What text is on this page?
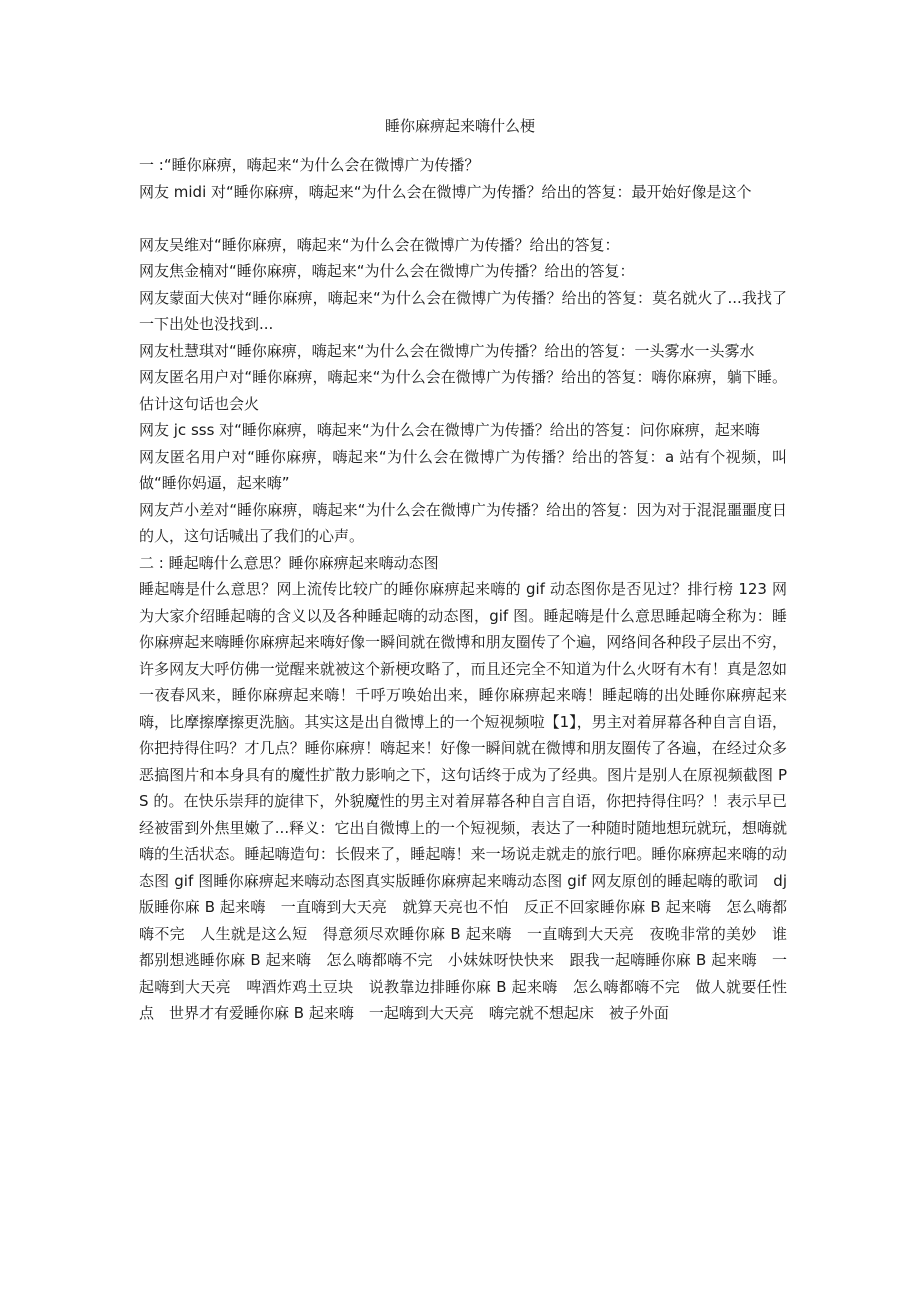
睡你麻痹起来嗨什么梗

一 :“睡你麻痹，嗨起来“为什么会在微博广为传播？

网友 midi 对“睡你麻痹，嗨起来“为什么会在微博广为传播？给出的答复：最开始好像是这个

网友吴维对“睡你麻痹，嗨起来“为什么会在微博广为传播？给出的答复：

网友焦金楠对“睡你麻痹，嗨起来“为什么会在微博广为传播？给出的答复：

网友蒙面大侠对“睡你麻痹，嗨起来“为什么会在微博广为传播？给出的答复：莫名就火了...我找了一下出处也没找到...

网友杜慧琪对“睡你麻痹，嗨起来“为什么会在微博广为传播？给出的答复：一头雾水一头雾水

网友匿名用户对“睡你麻痹，嗨起来“为什么会在微博广为传播？给出的答复：嗨你麻痹，躺下睡。估计这句话也会火

网友 jc sss 对“睡你麻痹，嗨起来“为什么会在微博广为传播？给出的答复：问你麻痹，起来嗨

网友匿名用户对“睡你麻痹，嗨起来“为什么会在微博广为传播？给出的答复：a 站有个视频，叫做“睡你妈逼，起来嗨”

网友芦小差对“睡你麻痹，嗨起来“为什么会在微博广为传播？给出的答复：因为对于混混噩噩度日的人，这句话喊出了我们的心声。

二 : 睡起嗨什么意思？睡你麻痹起来嗨动态图

睡起嗨是什么意思？网上流传比较广的睡你麻痹起来嗨的 gif 动态图你是否见过？排行榜 123 网为大家介绍睡起嗨的含义以及各种睡起嗨的动态图，gif 图。睡起嗨是什么意思睡起嗨全称为：睡你麻痹起来嗨睡你麻痹起来嗨好像一瞬间就在微博和朋友圈传了个遍，网络间各种段子层出不穷，许多网友大呼仿佛一觉醒来就被这个新梗攻略了，而且还完全不知道为什么火呀有木有！真是忽如一夜春风来，睡你麻痹起来嗨！千呼万唤始出来，睡你麻痹起来嗨！睡起嗨的出处睡你麻痹起来嗨，比摩擦摩擦更洗脑。其实这是出自微博上的一个短视频啦【1】，男主对着屏幕各种自言自语，你把持得住吗？才几点？睡你麻痹！嗨起来！好像一瞬间就在微博和朋友圈传了各遍，在经过众多恶搞图片和本身具有的魔性扩散力影响之下，这句话终于成为了经典。图片是别人在原视频截图 PS 的。在快乐崇拜的旋律下，外貌魔性的男主对着屏幕各种自言自语，你把持得住吗？！表示早已经被雷到外焦里嫩了...释义：它出自微博上的一个短视频，表达了一种随时随地想玩就玩，想嗨就嗨的生活状态。睡起嗨造句：长假来了，睡起嗨！来一场说走就走的旅行吧。睡你麻痹起来嗨的动态图 gif 图睡你麻痹起来嗨动态图真实版睡你麻痹起来嗨动态图 gif 网友原创的睡起嗨的歌词　dj 版睡你麻 B 起来嗨　一直嗨到大天亮　就算天亮也不怕　反正不回家睡你麻 B 起来嗨　怎么嗨都嗨不完　人生就是这么短　得意须尽欢睡你麻 B 起来嗨　一直嗨到大天亮　夜晚非常的美妙　谁都别想逃睡你麻 B 起来嗨　怎么嗨都嗨不完　小妹妹呀快快来　跟我一起嗨睡你麻 B 起来嗨　一起嗨到大天亮　啤酒炸鸡土豆块　说教靠边排睡你麻 B 起来嗨　怎么嗨都嗨不完　做人就要任性点　世界才有爱睡你麻 B 起来嗨　一起嗨到大天亮　嗨完就不想起床　被子外面
